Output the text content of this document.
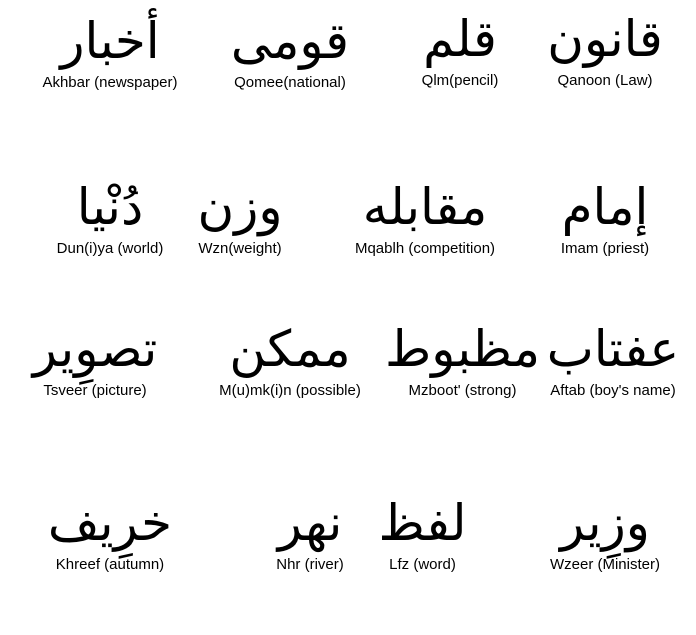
أخبار
Akhbar (newspaper)
قومى
Qomee(national)
قلم
Qlm(pencil)
قانون
Qanoon (Law)
دُنْيا
Dun(i)ya (world)
وزن
Wzn(weight)
مقابله
Mqablh (competition)
إمام
Imam (priest)
تصوِير
Tsveer (picture)
ممكن
M(u)mk(i)n (possible)
مظبوط
Mzboot' (strong)
عفتاب
Aftab (boy's name)
خرِيف
Khreef (autumn)
نهر
Nhr (river)
لفظ
Lfz (word)
وزِير
Wzeer (Minister)
